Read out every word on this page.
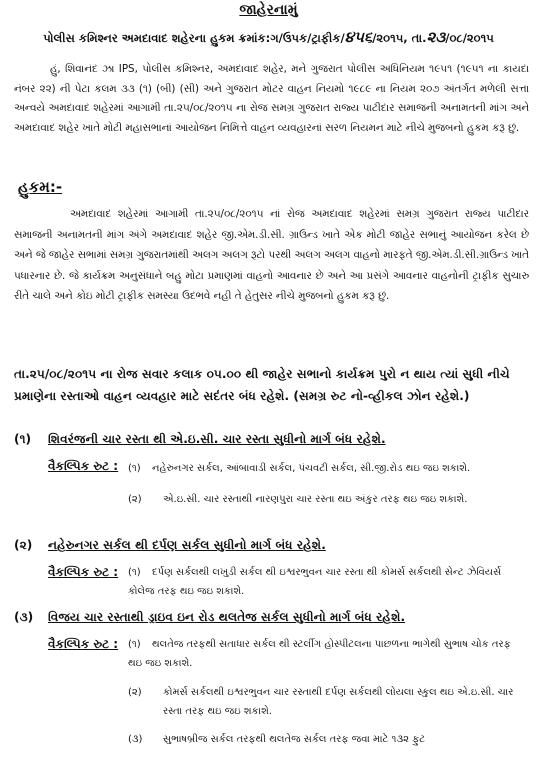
જાહેરનામું
પોલીસ કમિશ્નર અમદાવાદ શહેરના હુકમ ક્રમાંક:ગ/ઉપક/ટ્રાફીક/૪૫૬/૨૦૧૫, તા.૨૩/૦૮/૨૦૧૫
હું, શિવાનંદ ઝા IPS, પોલીસ કમિશ્નર, અમદાવાદ શહેર, મને ગુજરાત પોલીસ અધિનિયમ ૧૯૫૧ (૧૯૫૧ ના કાયદા નંબર ૨૨) ની પેટા કલમ ૩૩ (૧) (બી) (સી) અને ગુજરાત મોટર વાહન નિયમો ૧૯૮૯ ના નિયમ ૨૦૭ અંતર્ગત મળેલી સત્તા અન્વયે અમદાવાદ શહેરમાં આગામી તા.૨૫/૦૮/૨૦૧૫ ના રોજ સમગ્ર ગુજરાત રાજ્ય પાટીદાર સમાજની અનામતની માંગ અને અમદાવાદ શહેર ખાતે મોટી મહાસભાનાં આયોજન નિમિત્તે વાહન વ્યવહારનાં સરળ નિયમન માટે નીચે મુજબનો હુકમ કરૂ છું.
હુકમ:-
અમદાવાદ શહેરમાં આગામી તા.૨૫/૦૮/૨૦૧૫ નાં રોજ અમદાવાદ શહેરમાં સમગ્ર ગુજરાત રાજ્ય પાટીદાર સમાજની અનામતની માંગ અંગે અમદાવાદ શહેર જી.એમ.ડી.સી. ગ્રાઉન્ડ ખાતે એક મોટી જાહેર સભાનું આયોજન કરેલ છે અને જે જાહેર સભામાં સમગ્ર ગુજરાતમાંથી અલગ અલગ રૂટો પરથી અલગ અલગ વાહનો મારફતે જી.એમ.ડી.સી.ગ્રાઉન્ડ ખાતે પધારનાર છે. જે કાર્યક્રમ અનુસંધાને બહુ મોટા પ્રમાણમાં વાહનો આવનાર છે અને આ પ્રસંગે આવનાર વાહનોની ટ્રાફીક સુચારુ રીતે ચાલે અને કોઇ મોટી ટ્રાફીક સમસ્યા ઉદભવે નહી તે હેતુસર નીચે મુજબનો હુકમ કરૂ છું.
તા.૨૫/૦૮/૨૦૧૫ ના રોજ સવાર કલાક ૦૫.૦૦ થી જાહેર સભાનો કાર્યક્રમ પુરો ન થાય ત્યાં સુધી નીચે પ્રમાણેના રસ્તાઓ વાહન વ્યવહાર માટે સદંતર બંધ રહેશે. (સમગ્ર રુટ નો-વ્હીકલ ઝોન રહેશે.)
(૧) શિવરંજની ચાર રસ્તા થી એ.ઇ.સી. ચાર રસ્તા સુધીનો માર્ગ બંધ રહેશે.
વૈકલ્પિક રુટ : (૧) નહેરુનગર સર્કલ, આંબાવાડી સર્કલ, પંચવટી સર્કલ, સી.જી.રોડ થઇ જઇ શકાશે.
(૨) એ.ઇ.સી. ચાર રસ્તાથી નારણપુરા ચાર રસ્તા થઇ અંકુર તરફ થઇ જઇ શકાશે.
(૨) નહેરુનગર સર્કલ થી દર્પણ સર્કલ સુધીનો માર્ગ બંધ રહેશે.
વૈકલ્પિક રુટ : (૧) દર્પણ સર્કલથી લખુડી સર્કલ થી ઇશ્વરભુવન ચાર રસ્તા થી કોમર્સ સર્કલથી સેન્ટ ઝેવિયર્સ કોલેજ તરફ થઇ જઇ શકાશે.
(૩) વિજય ચાર રસ્તાથી ડ્રાઇવ ઇન રોડ થલતેજ સર્કલ સુધીનો માર્ગ બંધ રહેશે.
વૈકલ્પિક રુટ : (૧) થલતેજ તરફથી સતાધાર સર્કલ થી સ્ટર્લીગ હોસ્પીટલના પાછળના ભાગેથી સુભાષ ચોક તરફ થઇ જઇ શકાશે.
(૨) કોમર્સ સર્કલથી ઇશ્વરભુવન ચાર રસ્તાથી દર્પણ સર્કલથી લોયલા સ્કુલ થઇ એ.ઇ.સી. ચાર રસ્તા તરફ થઇ જઇ શકાશે.
(૩) સુભાષબ્રીજ સર્કલ તરફથી થલતેજ સર્કલ તરફ જવા માટે ૧૩૨ ફુટ
